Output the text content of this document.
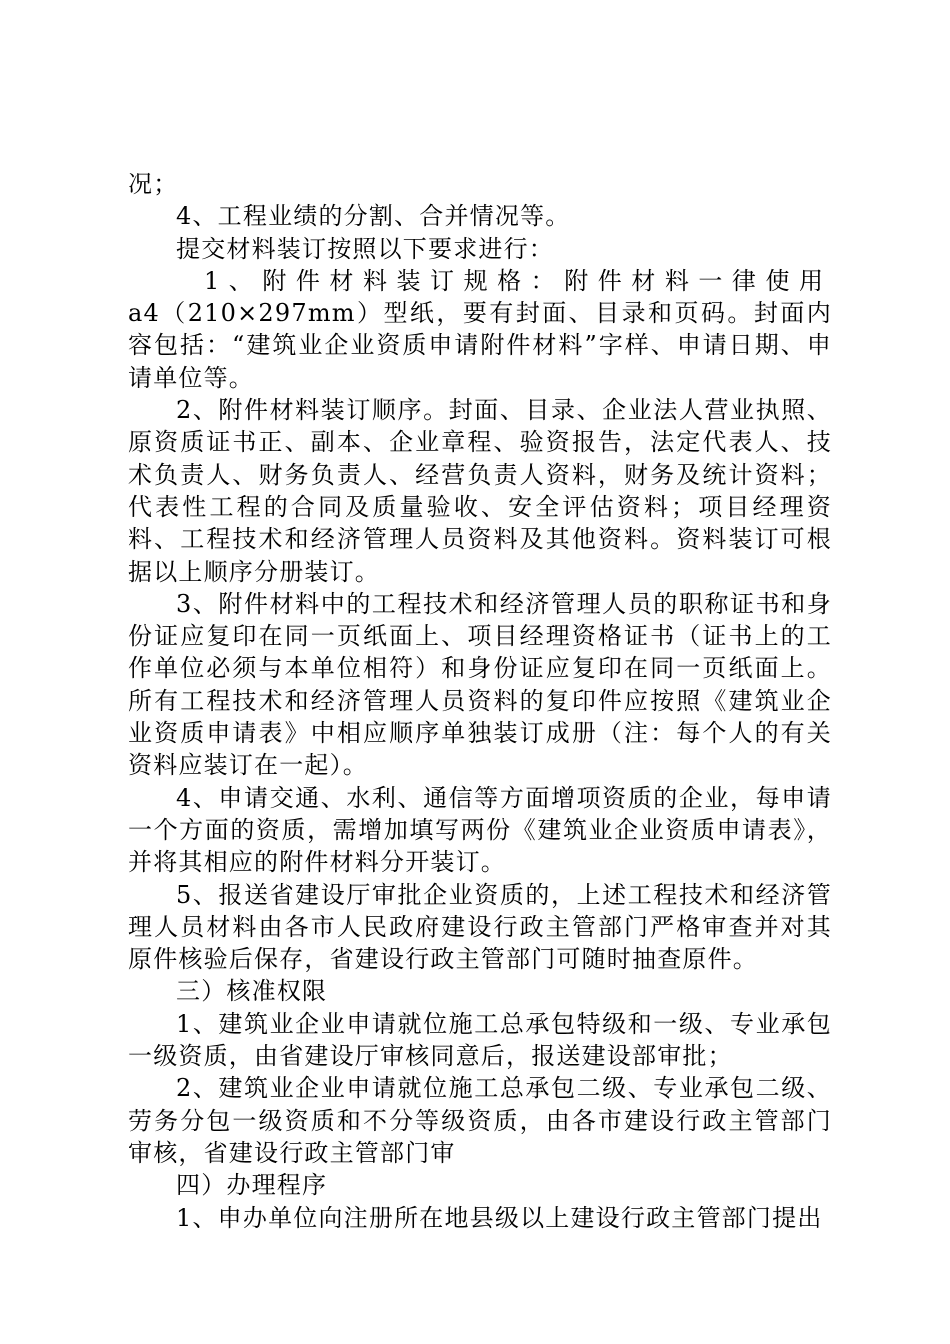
况；

4、工程业绩的分割、合并情况等。

提交材料装订按照以下要求进行：

1、附件材料装订规格：附件材料一律使用

a4（210×297mm）型纸，要有封面、目录和页码。封面内容包括：“建筑业企业资质申请附件材料”字样、申请日期、申请单位等。

2、附件材料装订顺序。封面、目录、企业法人营业执照、原资质证书正、副本、企业章程、验资报告，法定代表人、技术负责人、财务负责人、经营负责人资料，财务及统计资料；代表性工程的合同及质量验收、安全评估资料；项目经理资料、工程技术和经济管理人员资料及其他资料。资料装订可根据以上顺序分册装订。

3、附件材料中的工程技术和经济管理人员的职称证书和身份证应复印在同一页纸面上、项目经理资格证书（证书上的工作单位必须与本单位相符）和身份证应复印在同一页纸面上。所有工程技术和经济管理人员资料的复印件应按照《建筑业企业资质申请表》中相应顺序单独装订成册（注：每个人的有关资料应装订在一起）。

4、申请交通、水利、通信等方面增项资质的企业，每申请一个方面的资质，需增加填写两份《建筑业企业资质申请表》，并将其相应的附件材料分开装订。

5、报送省建设厅审批企业资质的，上述工程技术和经济管理人员材料由各市人民政府建设行政主管部门严格审查并对其原件核验后保存，省建设行政主管部门可随时抽查原件。

三）核准权限

1、建筑业企业申请就位施工总承包特级和一级、专业承包一级资质，由省建设厅审核同意后，报送建设部审批；

2、建筑业企业申请就位施工总承包二级、专业承包二级、劳务分包一级资质和不分等级资质，由各市建设行政主管部门审核，省建设行政主管部门审

四）办理程序

1、申办单位向注册所在地县级以上建设行政主管部门提出
